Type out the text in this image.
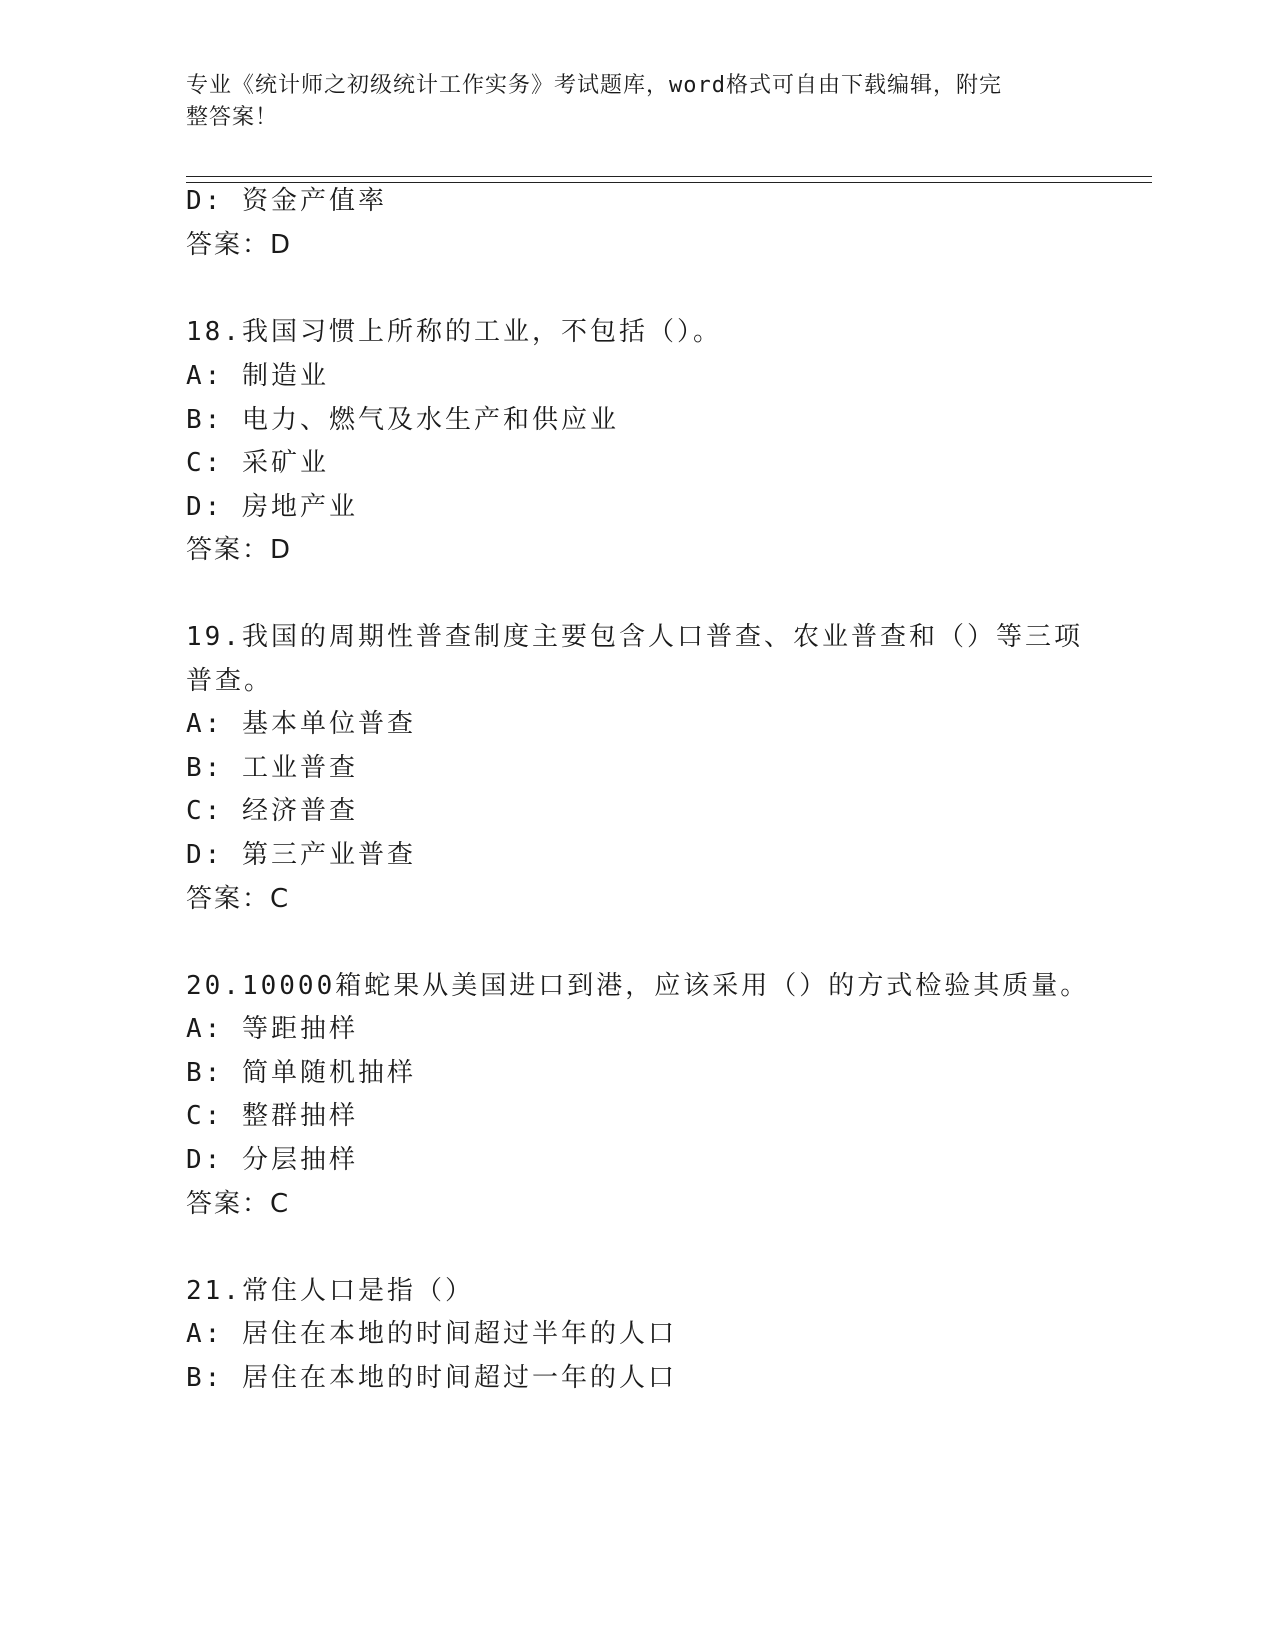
专业《统计师之初级统计工作实务》考试题库，word格式可自由下载编辑，附完
整答案！
D: 资金产值率
答案：D
18.我国习惯上所称的工业，不包括（）。
A: 制造业
B: 电力、燃气及水生产和供应业
C: 采矿业
D: 房地产业
答案：D
19.我国的周期性普查制度主要包含人口普查、农业普查和（）等三项
普查。
A: 基本单位普查
B: 工业普查
C: 经济普查
D: 第三产业普查
答案：C
20.10000箱蛇果从美国进口到港，应该采用（）的方式检验其质量。
A: 等距抽样
B: 简单随机抽样
C: 整群抽样
D: 分层抽样
答案：C
21.常住人口是指（）
A: 居住在本地的时间超过半年的人口
B: 居住在本地的时间超过一年的人口
